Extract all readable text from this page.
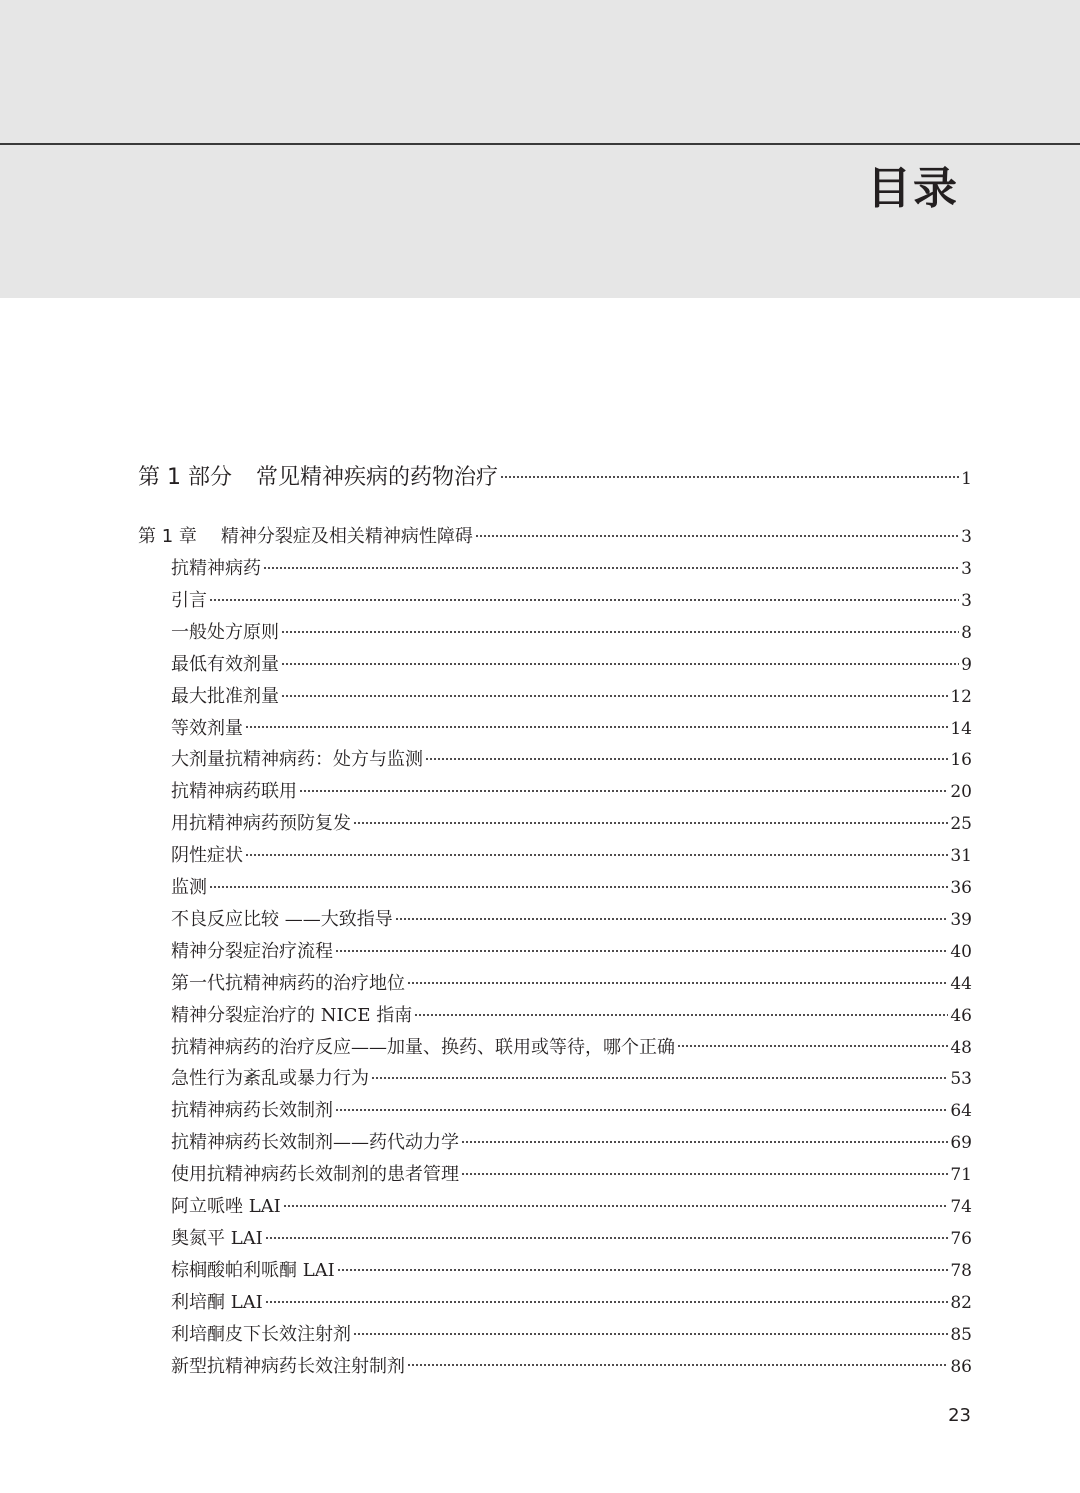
目录
第 1 部分 常见精神疾病的药物治疗	1
第 1 章 精神分裂症及相关精神病性障碍	3
抗精神病药	3
引言	3
一般处方原则	8
最低有效剂量	9
最大批准剂量	12
等效剂量	14
大剂量抗精神病药：处方与监测	16
抗精神病药联用	20
用抗精神病药预防复发	25
阴性症状	31
监测	36
不良反应比较 ——大致指导	39
精神分裂症治疗流程	40
第一代抗精神病药的治疗地位	44
精神分裂症治疗的 NICE 指南	46
抗精神病药的治疗反应——加量、换药、联用或等待，哪个正确	48
急性行为紊乱或暴力行为	53
抗精神病药长效制剂	64
抗精神病药长效制剂——药代动力学	69
使用抗精神病药长效制剂的患者管理	71
阿立哌唑 LAI	74
奥氮平 LAI	76
棕榈酸帕利哌酮 LAI	78
利培酮 LAI	82
利培酮皮下长效注射剂	85
新型抗精神病药长效注射制剂	86
23
